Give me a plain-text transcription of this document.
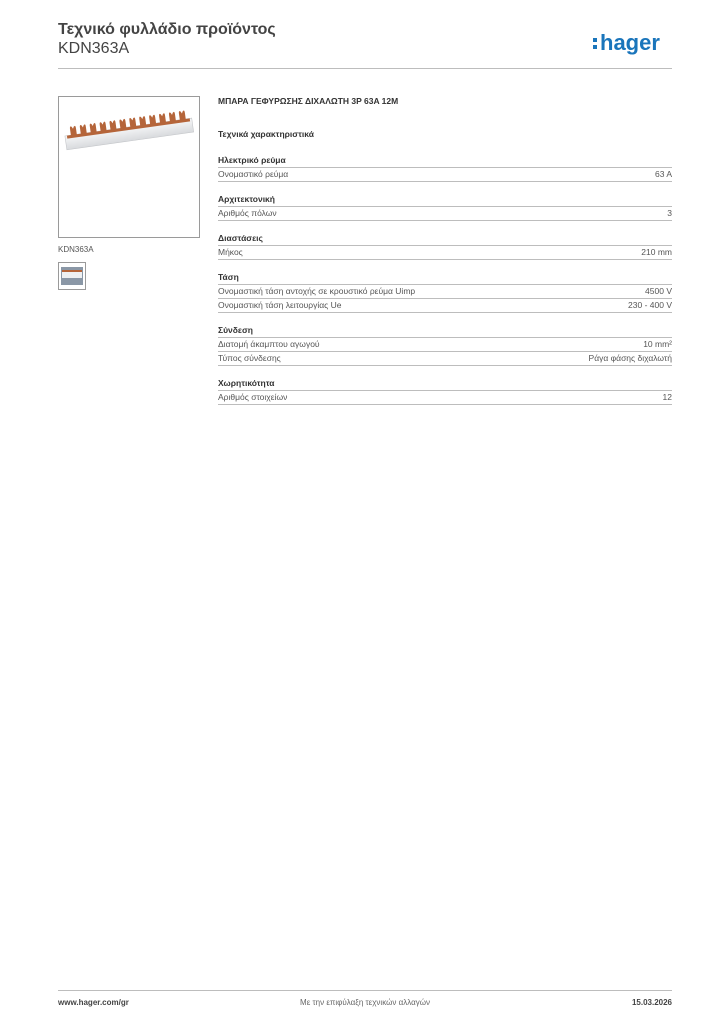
Τεχνικό φυλλάδιο προϊόντος
KDN363A	hager
KDN363A
ΜΠΑΡΑ ΓΕΦΥΡΩΣΗΣ ΔΙΧΑΛΩΤΗ 3P 63A 12M
Τεχνικά χαρακτηριστικά
Ηλεκτρικό ρεύμα
Ονομαστικό ρεύμα	63 A
Αρχιτεκτονική
Αριθμός πόλων	3
Διαστάσεις
Μήκος	210 mm
Τάση
Ονομαστική τάση αντοχής σε κρουστικό ρεύμα Uimp	4500 V
Ονομαστική τάση λειτουργίας Ue	230 - 400 V
Σύνδεση
Διατομή άκαμπτου αγωγού	10 mm²
Τύπος σύνδεσης	Ράγα φάσης διχαλωτή
Χωρητικότητα
Αριθμός στοιχείων	12
www.hager.com/gr	Με την επιφύλαξη τεχνικών αλλαγών	15.03.2026
